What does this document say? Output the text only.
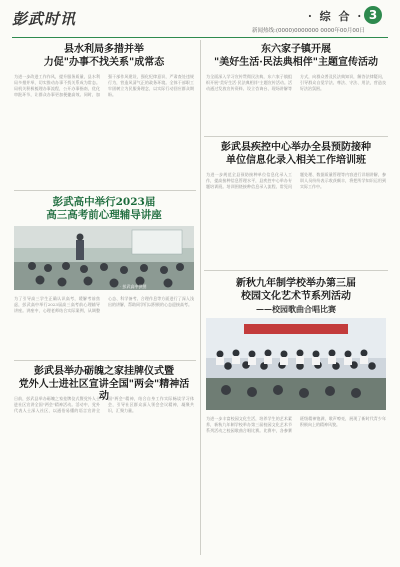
彭武时讯	· 综 合 · 3
新闻热线:(0000)0000000 0000年00月00日
县水利局多措并举
力促"办事不找关系"成常态
为进一步改进工作作风，提升服务质量，县水利局多措并举，切实推动办事不找关系成为常态。局机关积极梳理办事流程，公开办事指南，优化审批环节，让群众办事更加便捷高效。同时，加强干部作风建设，强化纪律意识，严肃查处违规行为，营造风清气正的政务环境。全体干部职工牢固树立为民服务理念，以实际行动回应群众期盼。
东六家子镇开展
"美好生活·民法典相伴"主题宣传活动
为全面深入学习宣传贯彻民法典，东六家子镇组织开展"美好生活·民法典相伴"主题宣传活动。活动通过发放宣传资料、设立咨询台、现场讲解等方式，向群众普及民法典知识，解答法律疑问，引导群众自觉学法、尊法、守法、用法，营造良好法治氛围。
彭武县疾控中心举办全县预防接种
单位信息化录入相关工作培训班
为进一步规范全县预防接种单位信息化录入工作，提高接种信息管理水平，县疾控中心举办专题培训班。培训围绕接种信息录入流程、常见问题处理、数据质量管理等内容进行详细讲解，参训人员纷纷表示收获颇丰，将把所学知识运用到实际工作中。
彭武高中举行2023届
高三高考前心理辅导讲座
· 彭武高中供图
为了引导高三学生正确认识高考，缓解考前焦虑，彭武高中举行2023届高三高考前心理辅导讲座。讲座中，心理老师结合实际案例，从调整心态、科学备考、合理作息等方面进行了深入浅出的讲解，帮助同学们以积极的心态迎接高考。
新秋九年制学校举办第三届
校园文化艺术节系列活动
——校园歌曲合唱比赛
为进一步丰富校园文化生活，培养学生的艺术素养，新秋九年制学校举办第三届校园文化艺术节系列活动之校园歌曲合唱比赛。比赛中，各参赛班级精神饱满，歌声嘹亮，展现了新时代青少年积极向上的精神风貌。
彭武县举办砺魄之家挂牌仪式暨
党外人士进社区宣讲全国"两会"精神活动
日前，彭武县举办砺魄之家挂牌仪式暨党外人士进社区宣讲全国"两会"精神活动。活动中，党外代表人士深入社区，以通俗易懂的语言宣讲全国"两会"精神，结合自身工作实际畅谈学习体会，引导社区群众深入领会会议精神，凝聚共识，汇聚力量。
